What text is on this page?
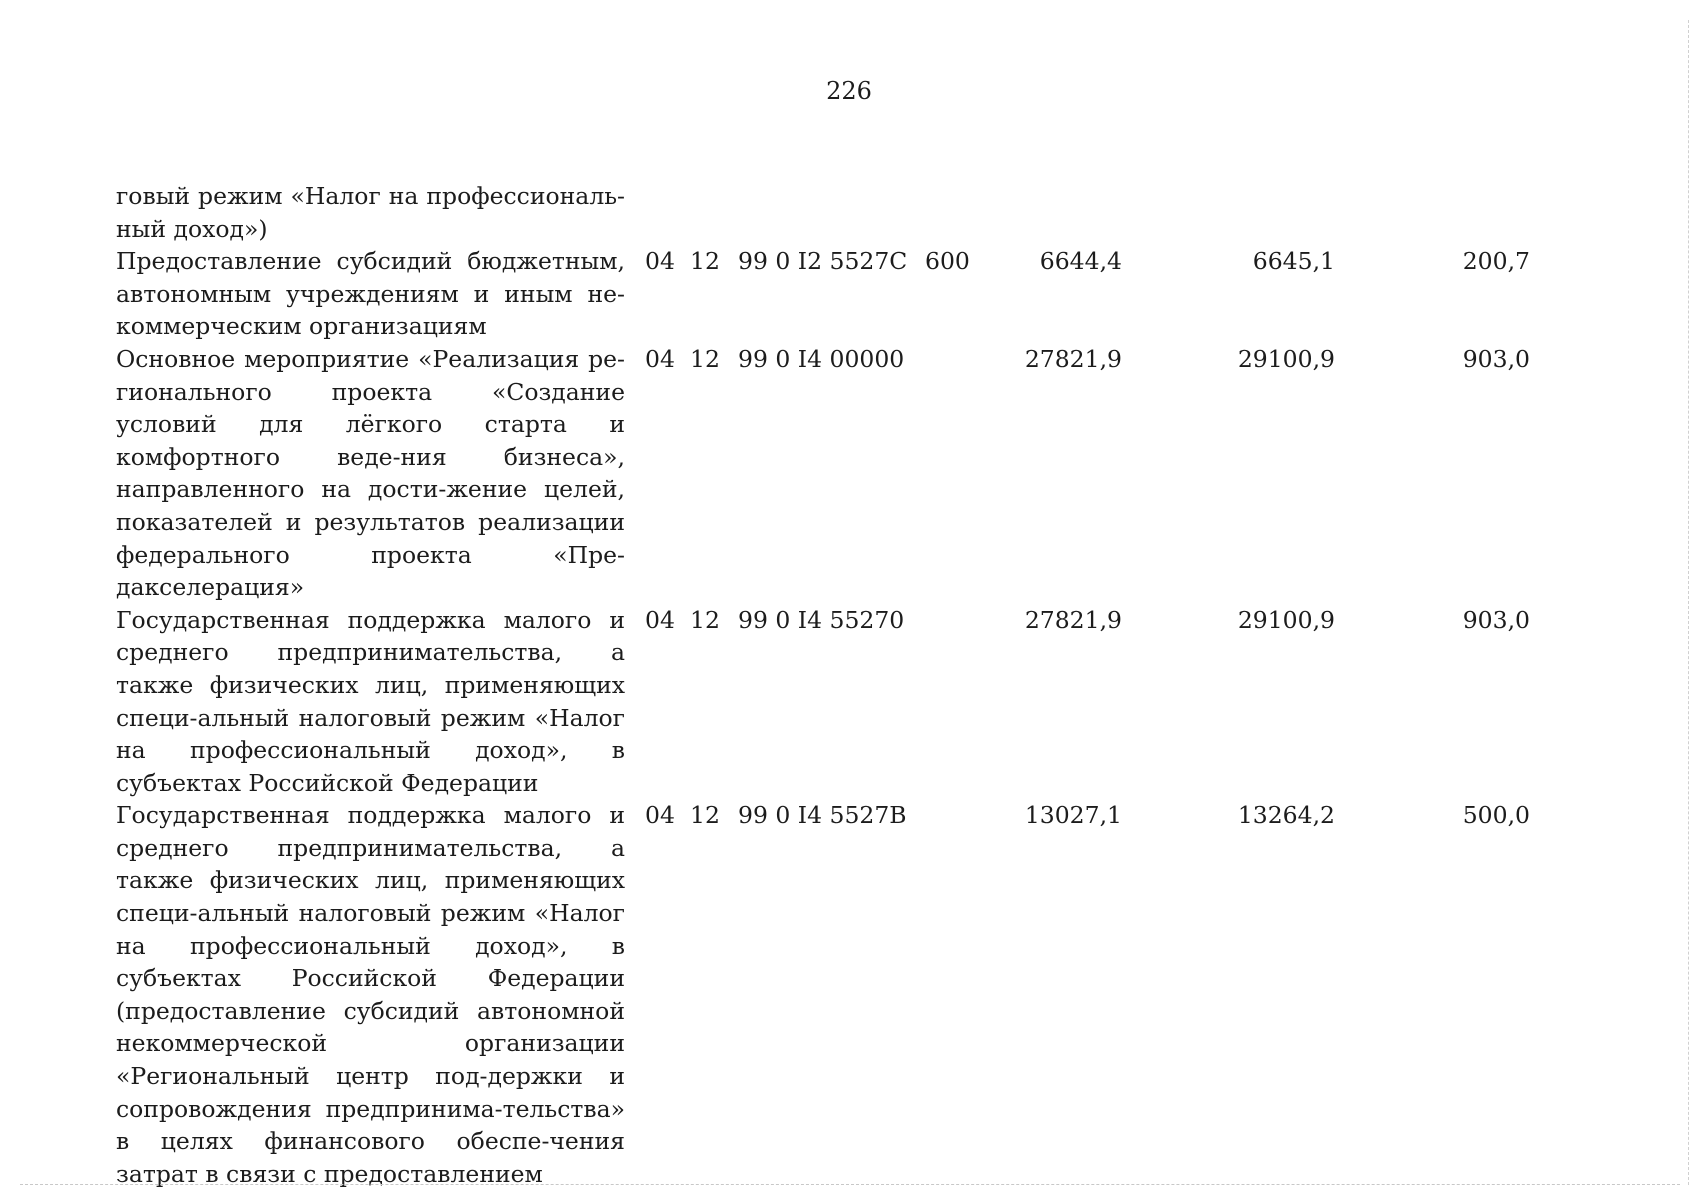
226
говый режим «Налог на профессиональ-ный доход»)
Предоставление субсидий бюджетным, автономным учреждениям и иным не-коммерческим организациям
04 12 99 0 I2 5527С 600	6644,4	6645,1	200,7
Основное мероприятие «Реализация ре-гионального проекта «Создание условий для лёгкого старта и комфортного веде-ния бизнеса», направленного на дости-жение целей, показателей и результатов реализации федерального проекта «Пре-дакселерация»
04 12 99 0 I4 00000	27821,9	29100,9	903,0
Государственная поддержка малого и среднего предпринимательства, а также физических лиц, применяющих специ-альный налоговый режим «Налог на профессиональный доход», в субъектах Российской Федерации
04 12 99 0 I4 55270	27821,9	29100,9	903,0
Государственная поддержка малого и среднего предпринимательства, а также физических лиц, применяющих специ-альный налоговый режим «Налог на профессиональный доход», в субъектах Российской Федерации (предоставление субсидий автономной некоммерческой организации «Региональный центр под-держки и сопровождения предпринима-тельства» в целях финансового обеспе-чения затрат в связи с предоставлением
04 12 99 0 I4 5527В	13027,1	13264,2	500,0
